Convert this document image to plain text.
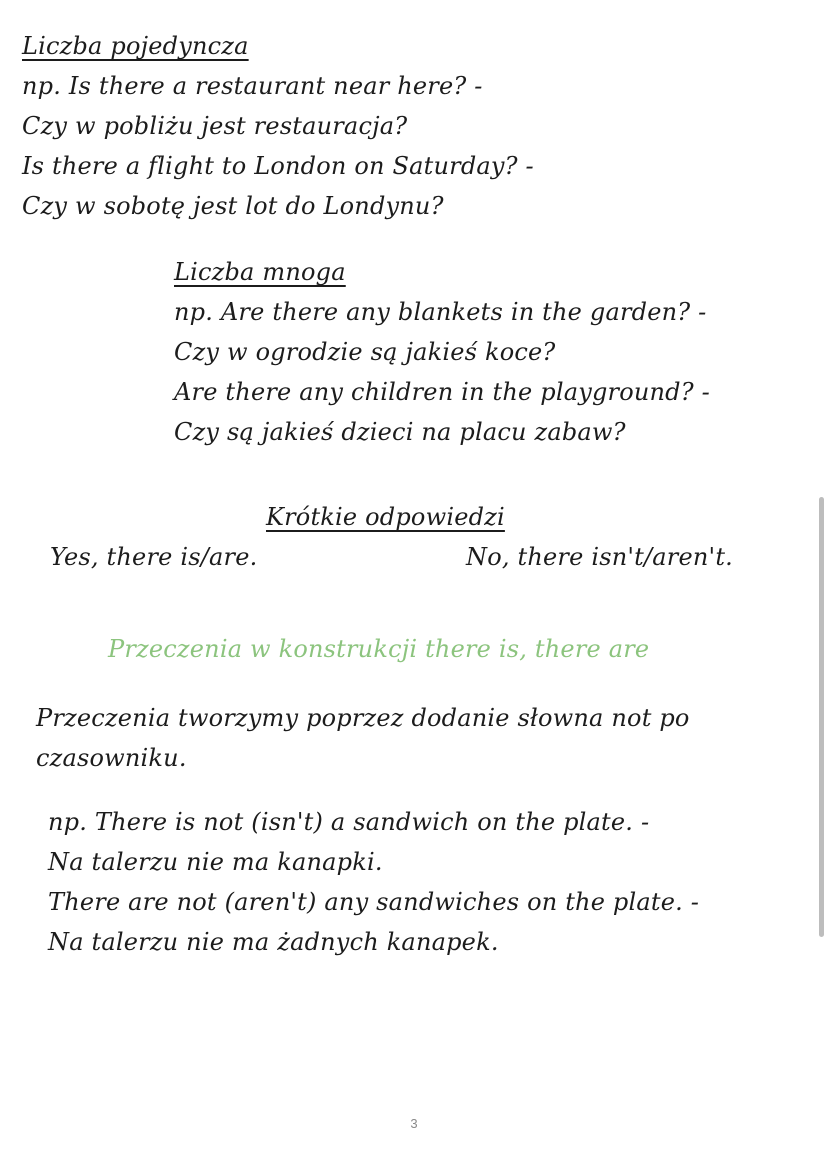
Liczba pojedyncza

np. Is there a restaurant near here? -

Czy w pobliżu jest restauracja?

Is there a flight to London on Saturday? -

Czy w sobotę jest lot do Londynu?

Liczba mnoga

np. Are there any blankets in the garden? -

Czy w ogrodzie są jakieś koce?

Are there any children in the playground? -

Czy są jakieś dzieci na placu zabaw?

Krótkie odpowiedzi

Yes, there is/are.	No, there isn't/aren't.

Przeczenia w konstrukcji there is, there are

Przeczenia tworzymy poprzez dodanie słowna not po

czasowniku.

np. There is not (isn't) a sandwich on the plate. -

Na talerzu nie ma kanapki.

There are not (aren't) any sandwiches on the plate. -

Na talerzu nie ma żadnych kanapek.

3
